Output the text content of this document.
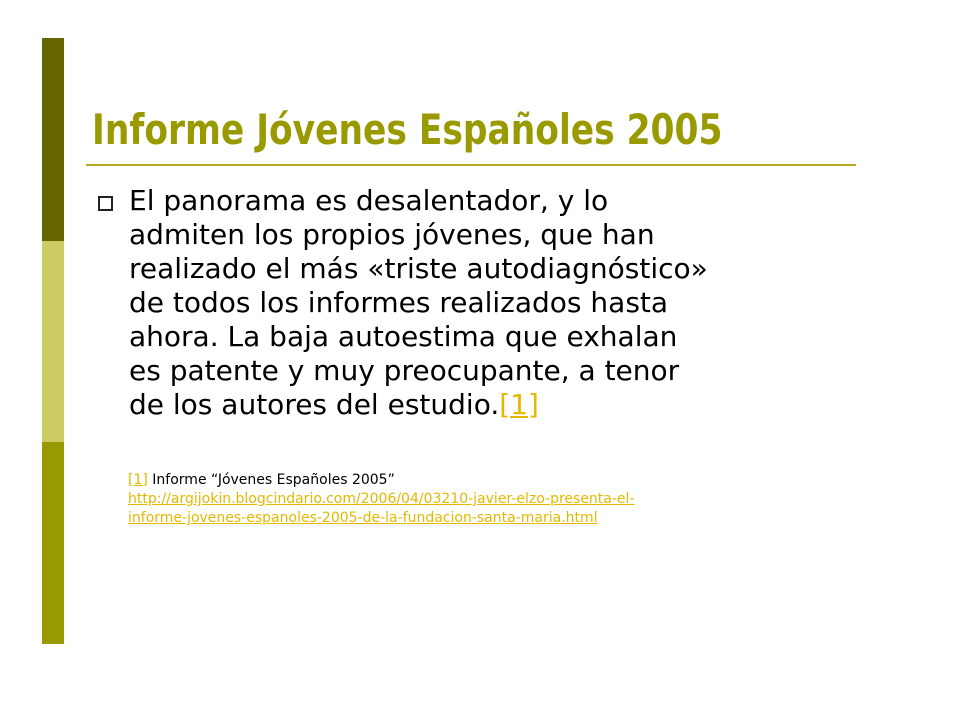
Informe Jóvenes Españoles 2005

El panorama es desalentador, y lo
admiten los propios jóvenes, que han
realizado el más «triste autodiagnóstico»
de todos los informes realizados hasta
ahora. La baja autoestima que exhalan
es patente y muy preocupante, a tenor
de los autores del estudio.[1]

[1] Informe “Jóvenes Españoles 2005”
http://argijokin.blogcindario.com/2006/04/03210-javier-elzo-presenta-el-
informe-jovenes-espanoles-2005-de-la-fundacion-santa-maria.html
